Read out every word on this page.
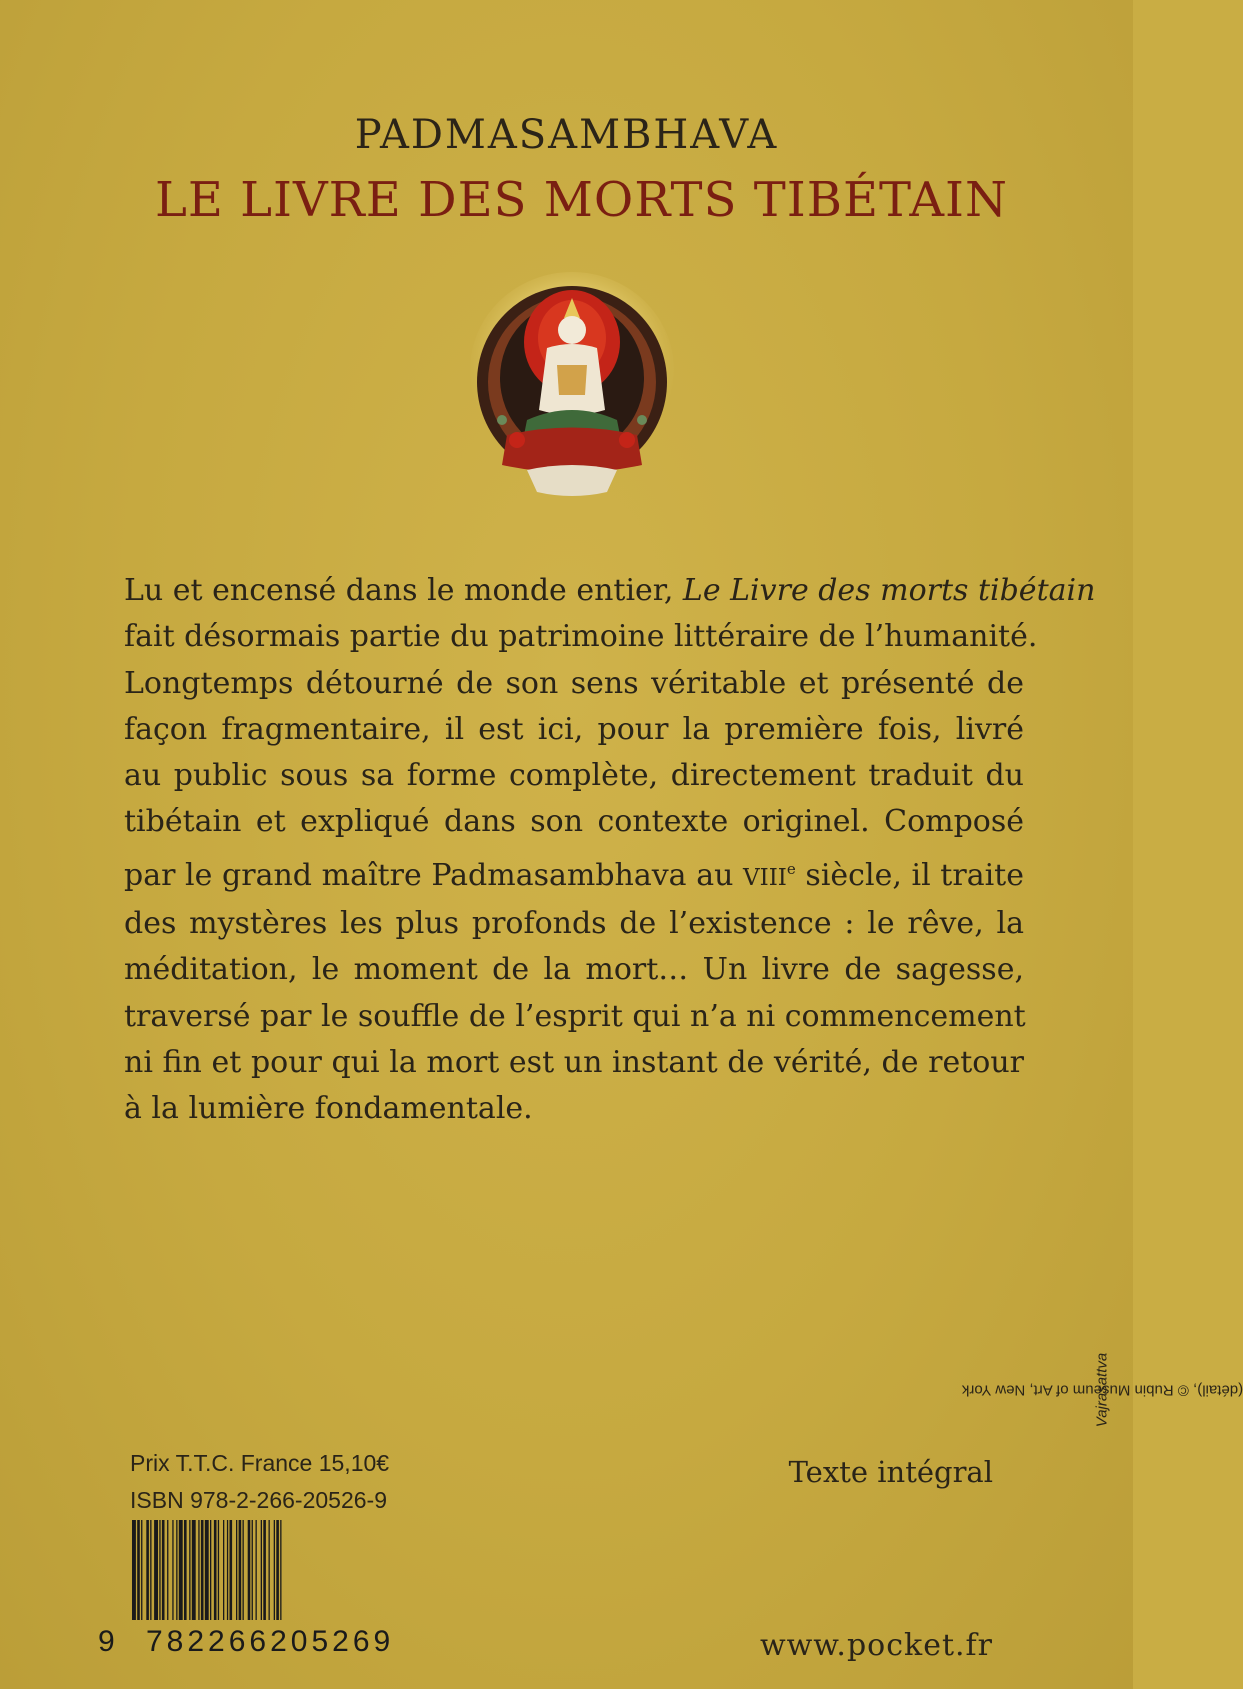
PADMASAMBHAVA
LE LIVRE DES MORTS TIBÉTAIN
Lu et encensé dans le monde entier, Le Livre des morts tibétain
fait désormais partie du patrimoine littéraire de l’humanité.
Longtemps détourné de son sens véritable et présenté de
façon fragmentaire, il est ici, pour la première fois, livré
au public sous sa forme complète, directement traduit du
tibétain et expliqué dans son contexte originel. Composé
par le grand maître Padmasambhava au VIIIe siècle, il traite
des mystères les plus profonds de l’existence : le rêve, la
méditation, le moment de la mort… Un livre de sagesse,
traversé par le souffle de l’esprit qui n’a ni commencement
ni fin et pour qui la mort est un instant de vérité, de retour
à la lumière fondamentale.
Prix T.T.C. France 15,10€
ISBN 978-2-266-20526-9
9 782266205269
Texte intégral
www.pocket.fr
Vajrasattva
(détail), © Rubin Museum of Art, New York
